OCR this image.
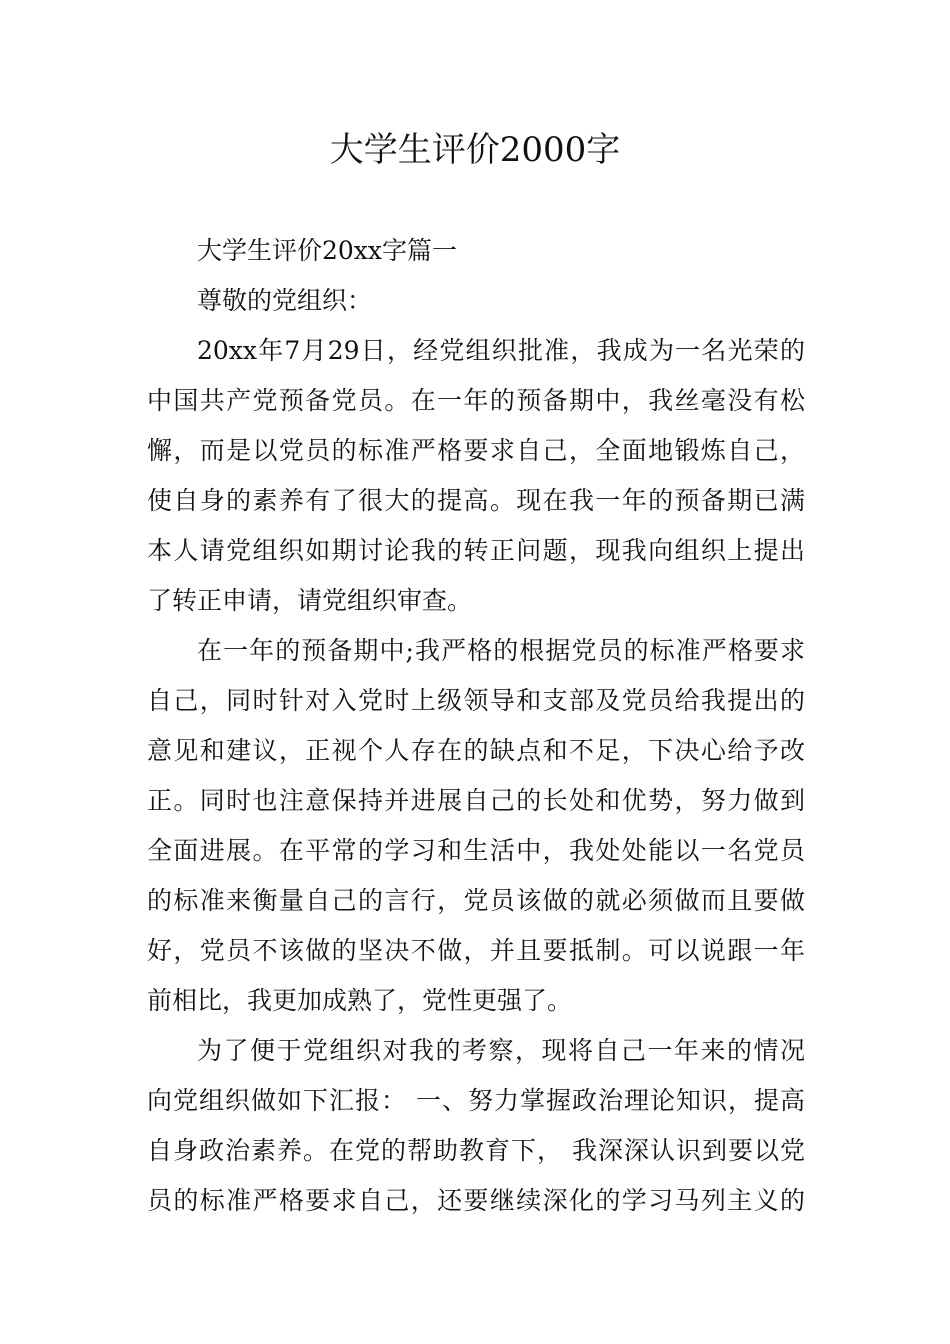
大学生评价2000字
大学生评价20xx字篇一
尊敬的党组织：
20xx年7月29日，经党组织批准，我成为一名光荣的
中国共产党预备党员。在一年的预备期中，我丝毫没有松
懈，而是以党员的标准严格要求自己，全面地锻炼自己，
使自身的素养有了很大的提高。现在我一年的预备期已满
本人请党组织如期讨论我的转正问题，现我向组织上提出
了转正申请，请党组织审查。
在一年的预备期中;我严格的根据党员的标准严格要求
自己，同时针对入党时上级领导和支部及党员给我提出的
意见和建议，正视个人存在的缺点和不足，下决心给予改
正。同时也注意保持并进展自己的长处和优势，努力做到
全面进展。在平常的学习和生活中，我处处能以一名党员
的标准来衡量自己的言行，党员该做的就必须做而且要做
好，党员不该做的坚决不做，并且要抵制。可以说跟一年
前相比，我更加成熟了，党性更强了。
为了便于党组织对我的考察，现将自己一年来的情况
向党组织做如下汇报： 一、努力掌握政治理论知识，提高
自身政治素养。在党的帮助教育下， 我深深认识到要以党
员的标准严格要求自己，还要继续深化的学习马列主义的
